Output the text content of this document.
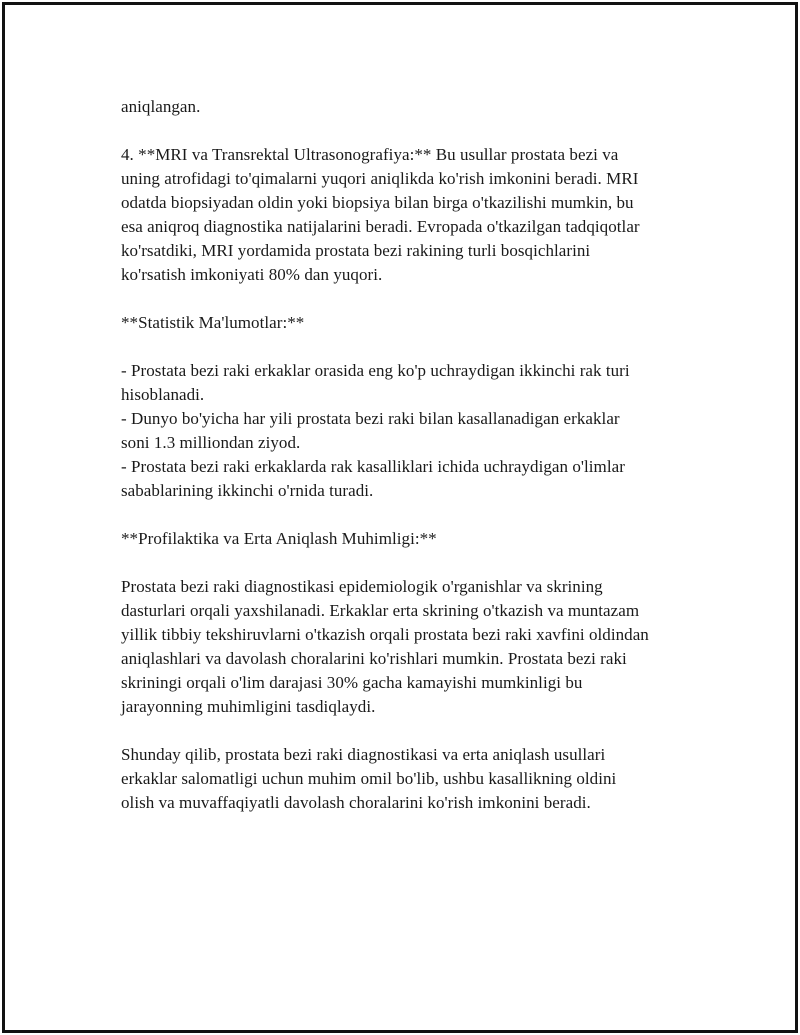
aniqlangan.
4. **MRI va Transrektal Ultrasonografiya:** Bu usullar prostata bezi va
uning atrofidagi to'qimalarni yuqori aniqlikda ko'rish imkonini beradi. MRI
odatda biopsiyadan oldin yoki biopsiya bilan birga o'tkazilishi mumkin, bu
esa aniqroq diagnostika natijalarini beradi. Evropada o'tkazilgan tadqiqotlar
ko'rsatdiki, MRI yordamida prostata bezi rakining turli bosqichlarini
ko'rsatish imkoniyati 80% dan yuqori.
**Statistik Ma'lumotlar:**
- Prostata bezi raki erkaklar orasida eng ko'p uchraydigan ikkinchi rak turi
hisoblanadi.
- Dunyo bo'yicha har yili prostata bezi raki bilan kasallanadigan erkaklar
soni 1.3 milliondan ziyod.
- Prostata bezi raki erkaklarda rak kasalliklari ichida uchraydigan o'limlar
sabablarining ikkinchi o'rnida turadi.
**Profilaktika va Erta Aniqlash Muhimligi:**
Prostata bezi raki diagnostikasi epidemiologik o'rganishlar va skrining
dasturlari orqali yaxshilanadi. Erkaklar erta skrining o'tkazish va muntazam
yillik tibbiy tekshiruvlarni o'tkazish orqali prostata bezi raki xavfini oldindan
aniqlashlari va davolash choralarini ko'rishlari mumkin. Prostata bezi raki
skriningi orqali o'lim darajasi 30% gacha kamayishi mumkinligi bu
jarayonning muhimligini tasdiqlaydi.
Shunday qilib, prostata bezi raki diagnostikasi va erta aniqlash usullari
erkaklar salomatligi uchun muhim omil bo'lib, ushbu kasallikning oldini
olish va muvaffaqiyatli davolash choralarini ko'rish imkonini beradi.
